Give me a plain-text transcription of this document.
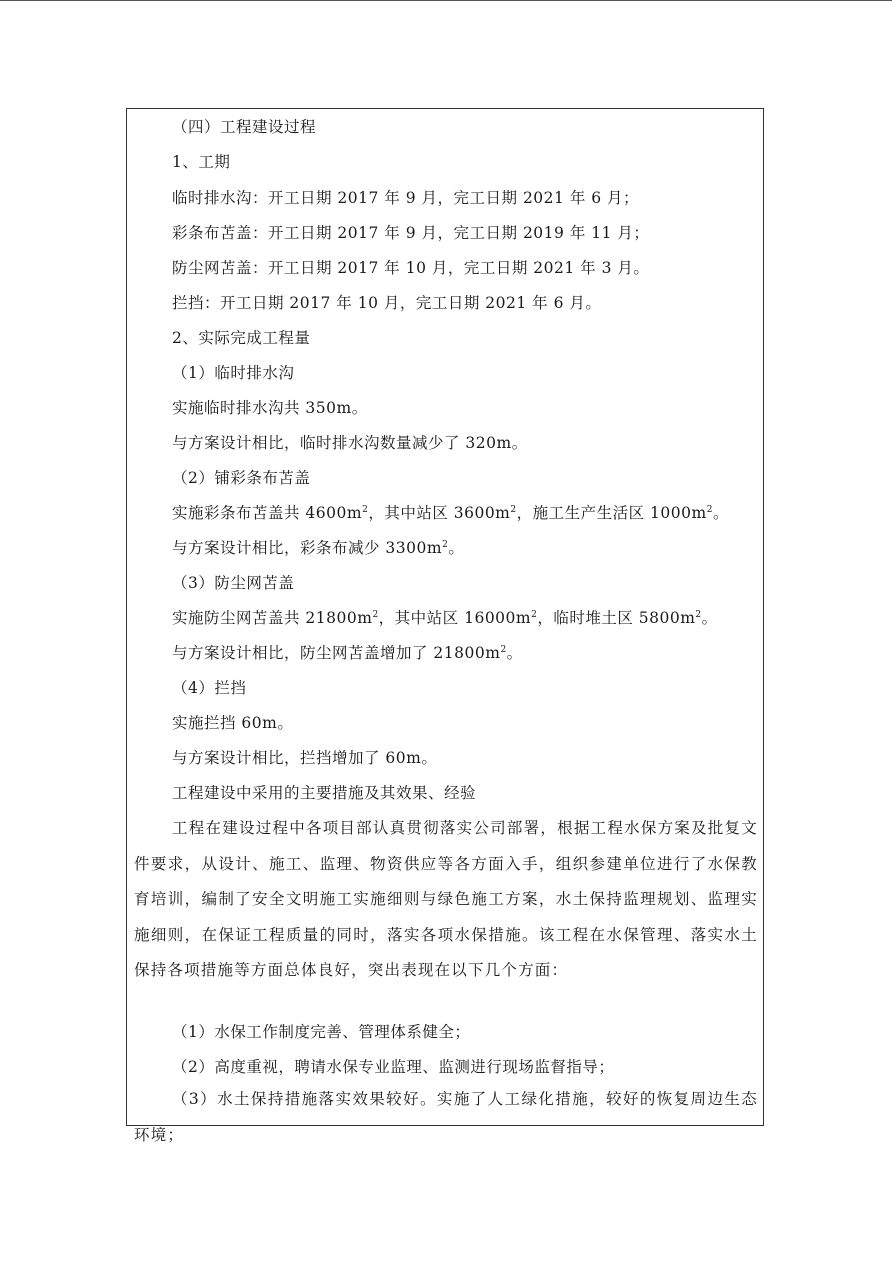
（四）工程建设过程
1、工期
临时排水沟：开工日期 2017 年 9 月，完工日期 2021 年 6 月；
彩条布苫盖：开工日期 2017 年 9 月，完工日期 2019 年 11 月；
防尘网苫盖：开工日期 2017 年 10 月，完工日期 2021 年 3 月。
拦挡：开工日期 2017 年 10 月，完工日期 2021 年 6 月。
2、实际完成工程量
（1）临时排水沟
实施临时排水沟共 350m。
与方案设计相比，临时排水沟数量减少了 320m。
（2）铺彩条布苫盖
实施彩条布苫盖共 $4600m^2$，其中站区 $3600m^2$，施工生产生活区 $1000m^2$。
与方案设计相比，彩条布减少 $3300m^2$。
（3）防尘网苫盖
实施防尘网苫盖共 $21800m^2$，其中站区 $16000m^2$，临时堆土区 $5800m^2$。
与方案设计相比，防尘网苫盖增加了 $21800m^2$。
（4）拦挡
实施拦挡 60m。
与方案设计相比，拦挡增加了 60m。
工程建设中采用的主要措施及其效果、经验
工程在建设过程中各项目部认真贯彻落实公司部署，根据工程水保方案及批复文件要求，从设计、施工、监理、物资供应等各方面入手，组织参建单位进行了水保教育培训，编制了安全文明施工实施细则与绿色施工方案，水土保持监理规划、监理实施细则，在保证工程质量的同时，落实各项水保措施。该工程在水保管理、落实水土保持各项措施等方面总体良好，突出表现在以下几个方面：
（1）水保工作制度完善、管理体系健全；
（2）高度重视，聘请水保专业监理、监测进行现场监督指导；
（3）水土保持措施落实效果较好。实施了人工绿化措施，较好的恢复周边生态环境；
